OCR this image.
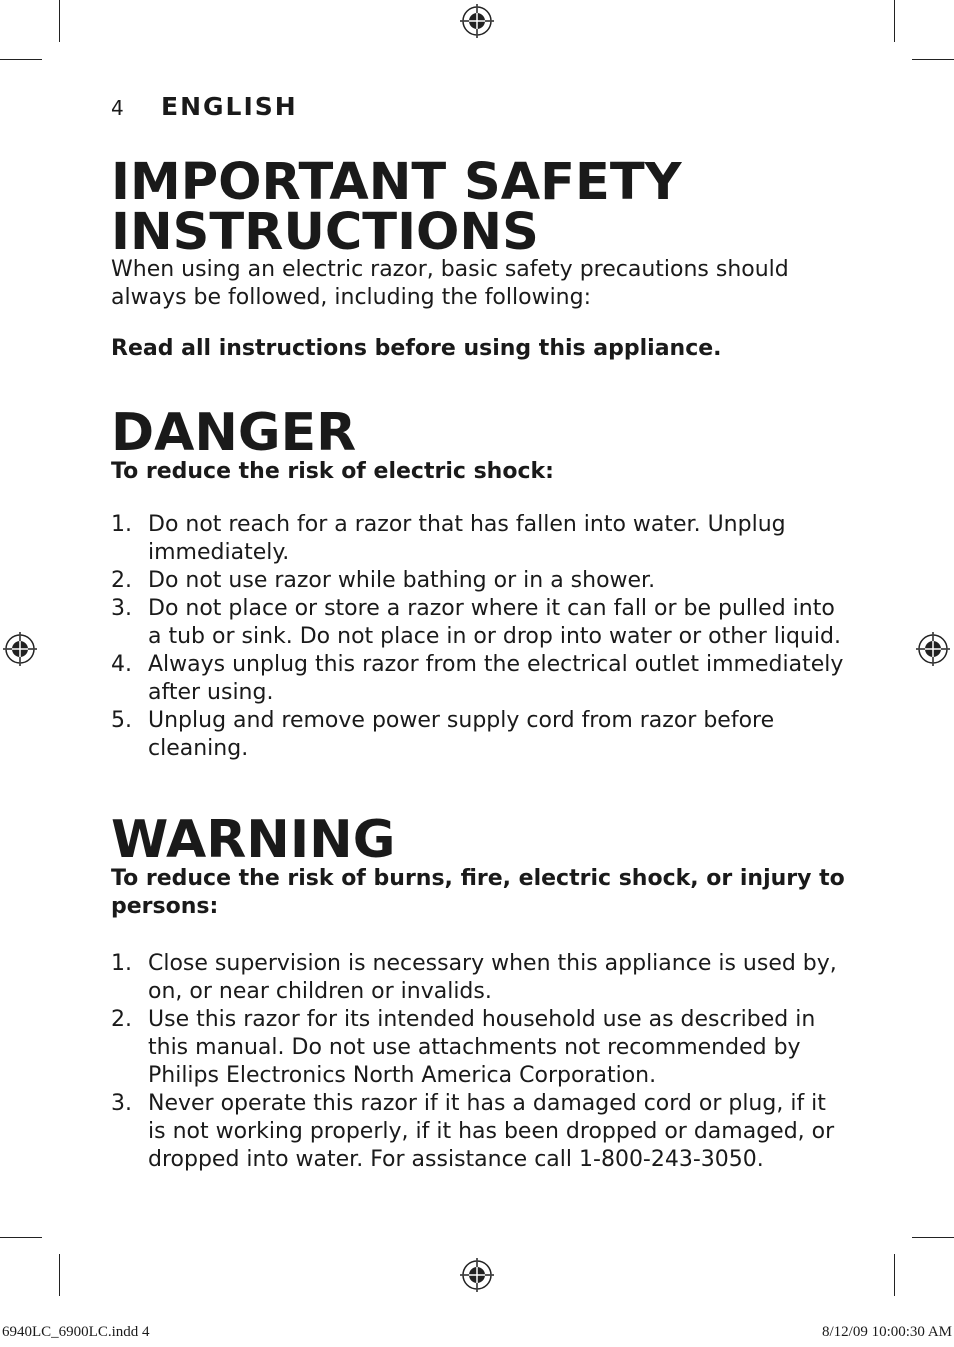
4 ENGLISH
IMPORTANT SAFETY INSTRUCTIONS
When using an electric razor, basic safety precautions should always be followed, including the following:
Read all instructions before using this appliance.
DANGER
To reduce the risk of electric shock:
1. Do not reach for a razor that has fallen into water. Unplug immediately.
2. Do not use razor while bathing or in a shower.
3. Do not place or store a razor where it can fall or be pulled into a tub or sink. Do not place in or drop into water or other liquid.
4. Always unplug this razor from the electrical outlet immediately after using.
5. Unplug and remove power supply cord from razor before cleaning.
WARNING
To reduce the risk of burns, fire, electric shock, or injury to persons:
1. Close supervision is necessary when this appliance is used by, on, or near children or invalids.
2. Use this razor for its intended household use as described in this manual. Do not use attachments not recommended by Philips Electronics North America Corporation.
3. Never operate this razor if it has a damaged cord or plug, if it is not working properly, if it has been dropped or damaged, or dropped into water. For assistance call 1-800-243-3050.
6940LC_6900LC.indd 4	8/12/09 10:00:30 AM
